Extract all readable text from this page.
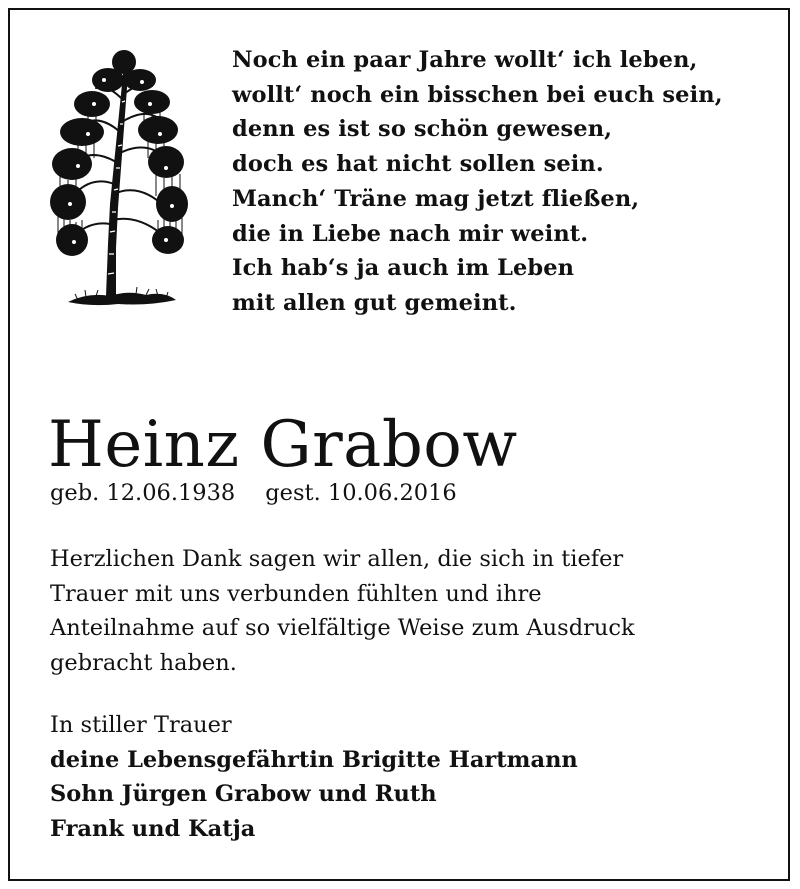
Noch ein paar Jahre wollt‘ ich leben,
wollt‘ noch ein bisschen bei euch sein,
denn es ist so schön gewesen,
doch es hat nicht sollen sein.
Manch‘ Träne mag jetzt fließen,
die in Liebe nach mir weint.
Ich hab‘s ja auch im Leben
mit allen gut gemeint.
Heinz Grabow
geb. 12.06.1938 gest. 10.06.2016
Herzlichen Dank sagen wir allen, die sich in tiefer
Trauer mit uns verbunden fühlten und ihre
Anteilnahme auf so vielfältige Weise zum Ausdruck
gebracht haben.
In stiller Trauer
deine Lebensgefährtin Brigitte Hartmann
Sohn Jürgen Grabow und Ruth
Frank und Katja
